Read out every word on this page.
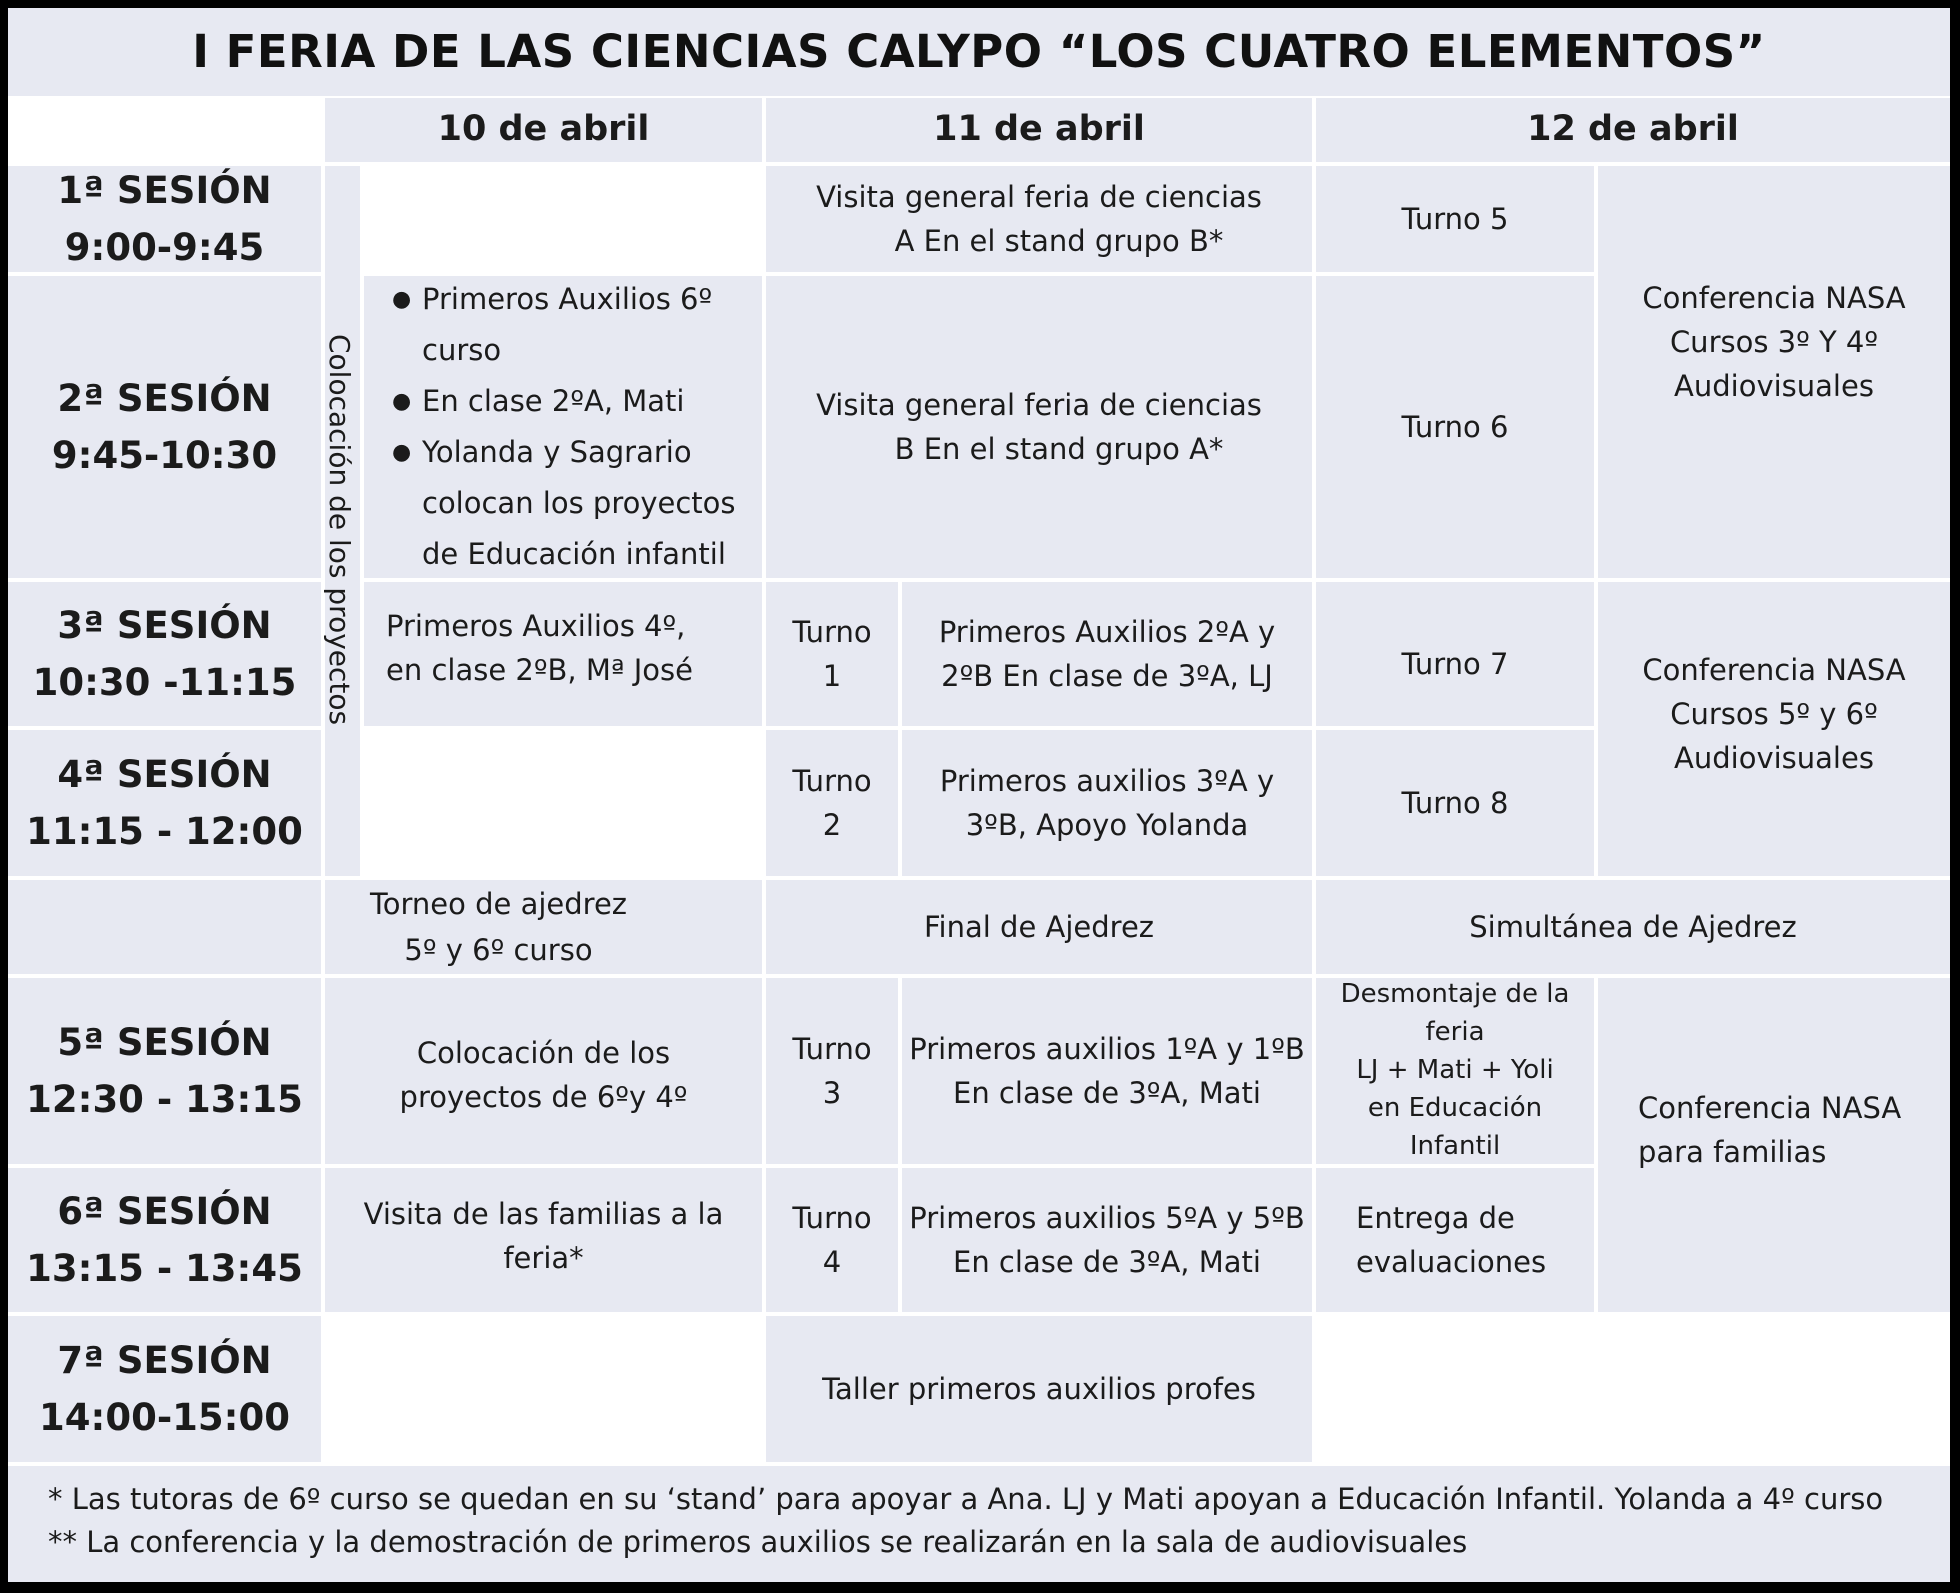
I FERIA DE LAS CIENCIAS CALYPO “LOS CUATRO ELEMENTOS”
10 de abril	11 de abril	12 de abril
1ª SESIÓN
9:00-9:45
2ª SESIÓN
9:45-10:30
3ª SESIÓN
10:30 -11:15
4ª SESIÓN
11:15 - 12:00
5ª SESIÓN
12:30 - 13:15
6ª SESIÓN
13:15 - 13:45
7ª SESIÓN
14:00-15:00
Colocación de los proyectos
● Primeros Auxilios 6º
curso
● En clase 2ºA, Mati
● Yolanda y Sagrario
colocan los proyectos
de Educación infantil
Primeros Auxilios 4º,
en clase 2ºB, Mª José
Torneo de ajedrez
5º y 6º curso
Colocación de los
proyectos de 6ºy 4º
Visita de las familias a la
feria*
Visita general feria de ciencias
A En el stand grupo B*
Visita general feria de ciencias
B En el stand grupo A*
Turno
1
Primeros Auxilios 2ºA y
2ºB En clase de 3ºA, LJ
Turno
2
Primeros auxilios 3ºA y
3ºB, Apoyo Yolanda
Final de Ajedrez
Turno
3
Primeros auxilios 1ºA y 1ºB
En clase de 3ºA, Mati
Turno
4
Primeros auxilios 5ºA y 5ºB
En clase de 3ºA, Mati
Taller primeros auxilios profes
Turno 5
Turno 6
Turno 7
Turno 8
Conferencia NASA
Cursos 3º Y 4º
Audiovisuales
Conferencia NASA
Cursos 5º y 6º
Audiovisuales
Simultánea de Ajedrez
Desmontaje de la
feria
LJ + Mati + Yoli
en Educación
Infantil
Entrega de
evaluaciones
Conferencia NASA
para familias
* Las tutoras de 6º curso se quedan en su ‘stand’ para apoyar a Ana. LJ y Mati apoyan a Educación Infantil. Yolanda a 4º curso
** La conferencia y la demostración de primeros auxilios se realizarán en la sala de audiovisuales
